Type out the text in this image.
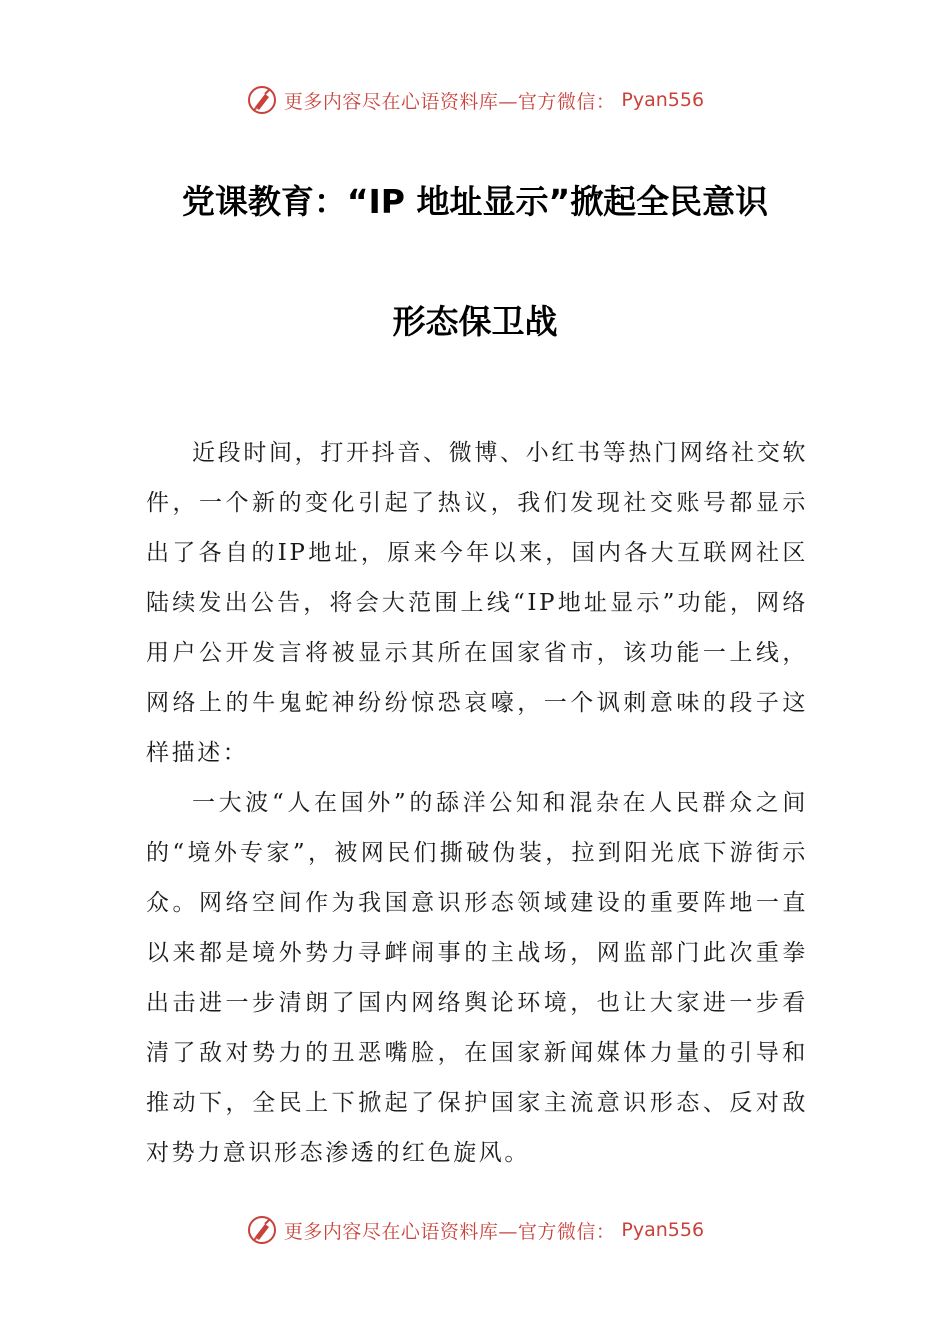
更多内容尽在心语资料库—官方微信： Pyan556
党课教育：“IP 地址显示”掀起全民意识
形态保卫战

近段时间，打开抖音、微博、小红书等热门网络社交软件，一个新的变化引起了热议，我们发现社交账号都显示出了各自的IP地址，原来今年以来，国内各大互联网社区陆续发出公告，将会大范围上线“IP地址显示”功能，网络用户公开发言将被显示其所在国家省市，该功能一上线，网络上的牛鬼蛇神纷纷惊恐哀嚎，一个讽刺意味的段子这样描述：

一大波“人在国外”的舔洋公知和混杂在人民群众之间的“境外专家”，被网民们撕破伪装，拉到阳光底下游街示众。网络空间作为我国意识形态领域建设的重要阵地一直以来都是境外势力寻衅闹事的主战场，网监部门此次重拳出击进一步清朗了国内网络舆论环境，也让大家进一步看清了敌对势力的丑恶嘴脸，在国家新闻媒体力量的引导和推动下，全民上下掀起了保护国家主流意识形态、反对敌对势力意识形态渗透的红色旋风。

更多内容尽在心语资料库—官方微信： Pyan556
